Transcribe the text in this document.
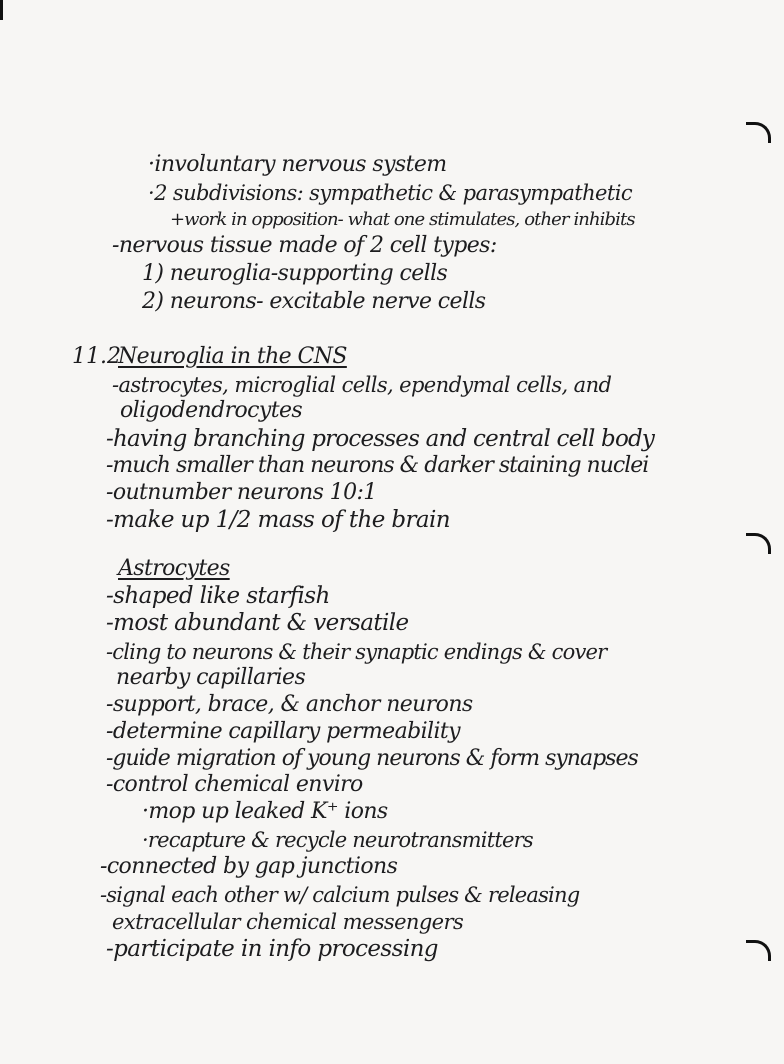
·involuntary nervous system
·2 subdivisions: sympathetic & parasympathetic
+work in opposition- what one stimulates, other inhibits
-nervous tissue made of 2 cell types:
1) neuroglia-supporting cells
2) neurons- excitable nerve cells
11.2
Neuroglia in the CNS
-astrocytes, microglial cells, ependymal cells, and
oligodendrocytes
-having branching processes and central cell body
-much smaller than neurons & darker staining nuclei
-outnumber neurons 10:1
-make up 1/2 mass of the brain
Astrocytes
-shaped like starfish
-most abundant & versatile
-cling to neurons & their synaptic endings & cover
nearby capillaries
-support, brace, & anchor neurons
-determine capillary permeability
-guide migration of young neurons & form synapses
-control chemical enviro
·mop up leaked K⁺ ions
·recapture & recycle neurotransmitters
-connected by gap junctions
-signal each other w/ calcium pulses & releasing
extracellular chemical messengers
-participate in info processing
